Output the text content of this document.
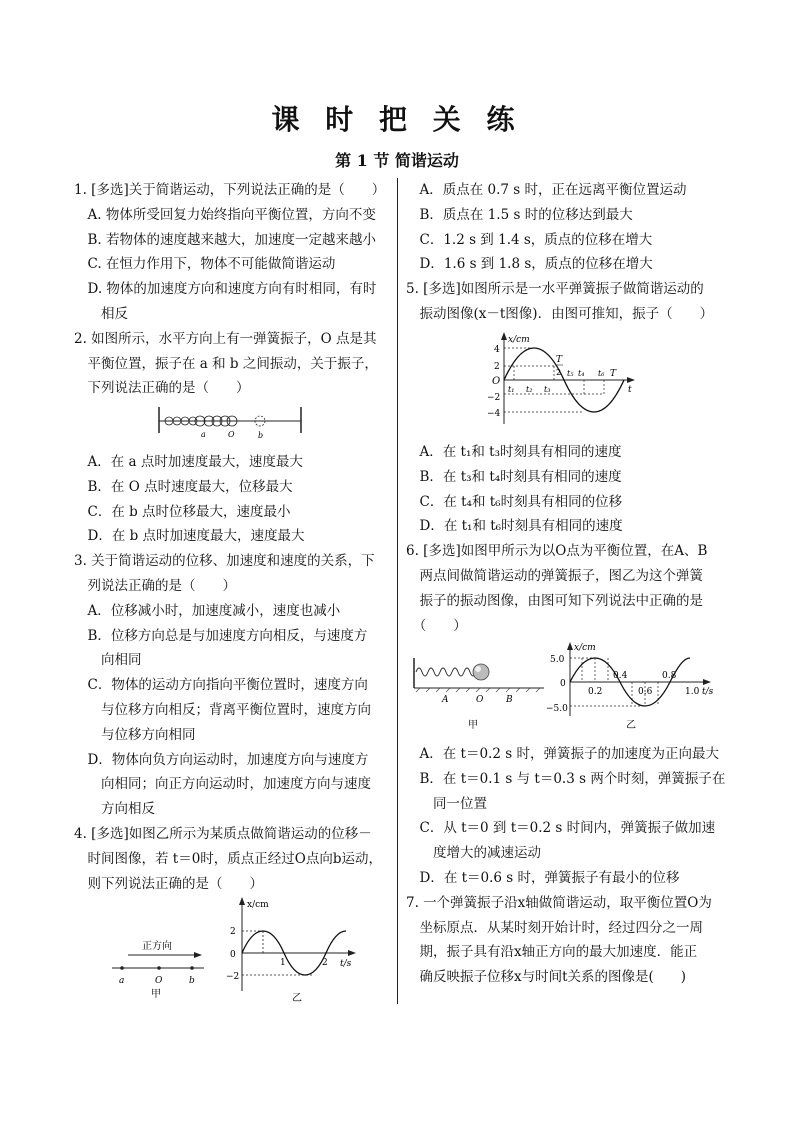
课 时 把 关 练
第 1 节 简谐运动
1. [多选]关于简谐运动，下列说法正确的是（　　）
　A. 物体所受回复力始终指向平衡位置，方向不变
　B. 若物体的速度越来越大，加速度一定越来越小
　C. 在恒力作用下，物体不可能做简谐运动
　D. 物体的加速度方向和速度方向有时相同，有时
　　相反
2. 如图所示，水平方向上有一弹簧振子，O 点是其
　平衡位置，振子在 a 和 b 之间振动，关于振子，
　下列说法正确的是（　　）
a	O	b
　A．在 a 点时加速度最大，速度最大
　B．在 O 点时速度最大，位移最大
　C．在 b 点时位移最大，速度最小
　D．在 b 点时加速度最大，速度最大
3. 关于简谐运动的位移、加速度和速度的关系，下
　列说法正确的是（　　）
　A．位移减小时，加速度减小，速度也减小
　B．位移方向总是与加速度方向相反，与速度方
　　向相同
　C．物体的运动方向指向平衡位置时，速度方向
　　与位移方向相反；背离平衡位置时，速度方向
　　与位移方向相同
　D．物体向负方向运动时，加速度方向与速度方
　　向相同；向正方向运动时，加速度方向与速度
　　方向相反
4. [多选]如图乙所示为某质点做简谐运动的位移－
　时间图像，若 t＝0时，质点正经过O点向b运动，
　则下列说法正确的是（　　）
正方向
a	O	b
甲
x/cm
2
0
−2
1	2 t/s
乙
　A．质点在 0.7 s 时，正在远离平衡位置运动
　B．质点在 1.5 s 时的位移达到最大
　C．1.2 s 到 1.4 s，质点的位移在增大
　D．1.6 s 到 1.8 s，质点的位移在增大
5. [多选]如图所示是一水平弹簧振子做简谐运动的
　振动图像(x－t图像)．由图可推知，振子（　　）
x/cm
4
2
O
−2
−4
t₁ t₂ t₃
t₄ t₆
T
2 t₅	T
t
　A．在 t₁和 t₃时刻具有相同的速度
　B．在 t₃和 t₄时刻具有相同的速度
　C．在 t₄和 t₆时刻具有相同的位移
　D．在 t₁和 t₆时刻具有相同的速度
6. [多选]如图甲所示为以O点为平衡位置，在A、B
　两点间做简谐运动的弹簧振子，图乙为这个弹簧
　振子的振动图像，由图可知下列说法中正确的是
　（　　）
A	O	B
甲
x/cm
5.0
0
−5.0
0.2
0.4
0.6
0.8
1.0 t/s
乙
　A．在 t＝0.2 s 时，弹簧振子的加速度为正向最大
　B．在 t＝0.1 s 与 t＝0.3 s 两个时刻，弹簧振子在
　　同一位置
　C．从 t＝0 到 t＝0.2 s 时间内，弹簧振子做加速
　　度增大的减速运动
　D．在 t＝0.6 s 时，弹簧振子有最小的位移
7. 一个弹簧振子沿x轴做简谐运动，取平衡位置O为
　坐标原点．从某时刻开始计时，经过四分之一周
　期，振子具有沿x轴正方向的最大加速度．能正
　确反映振子位移x与时间t关系的图像是(　　)
